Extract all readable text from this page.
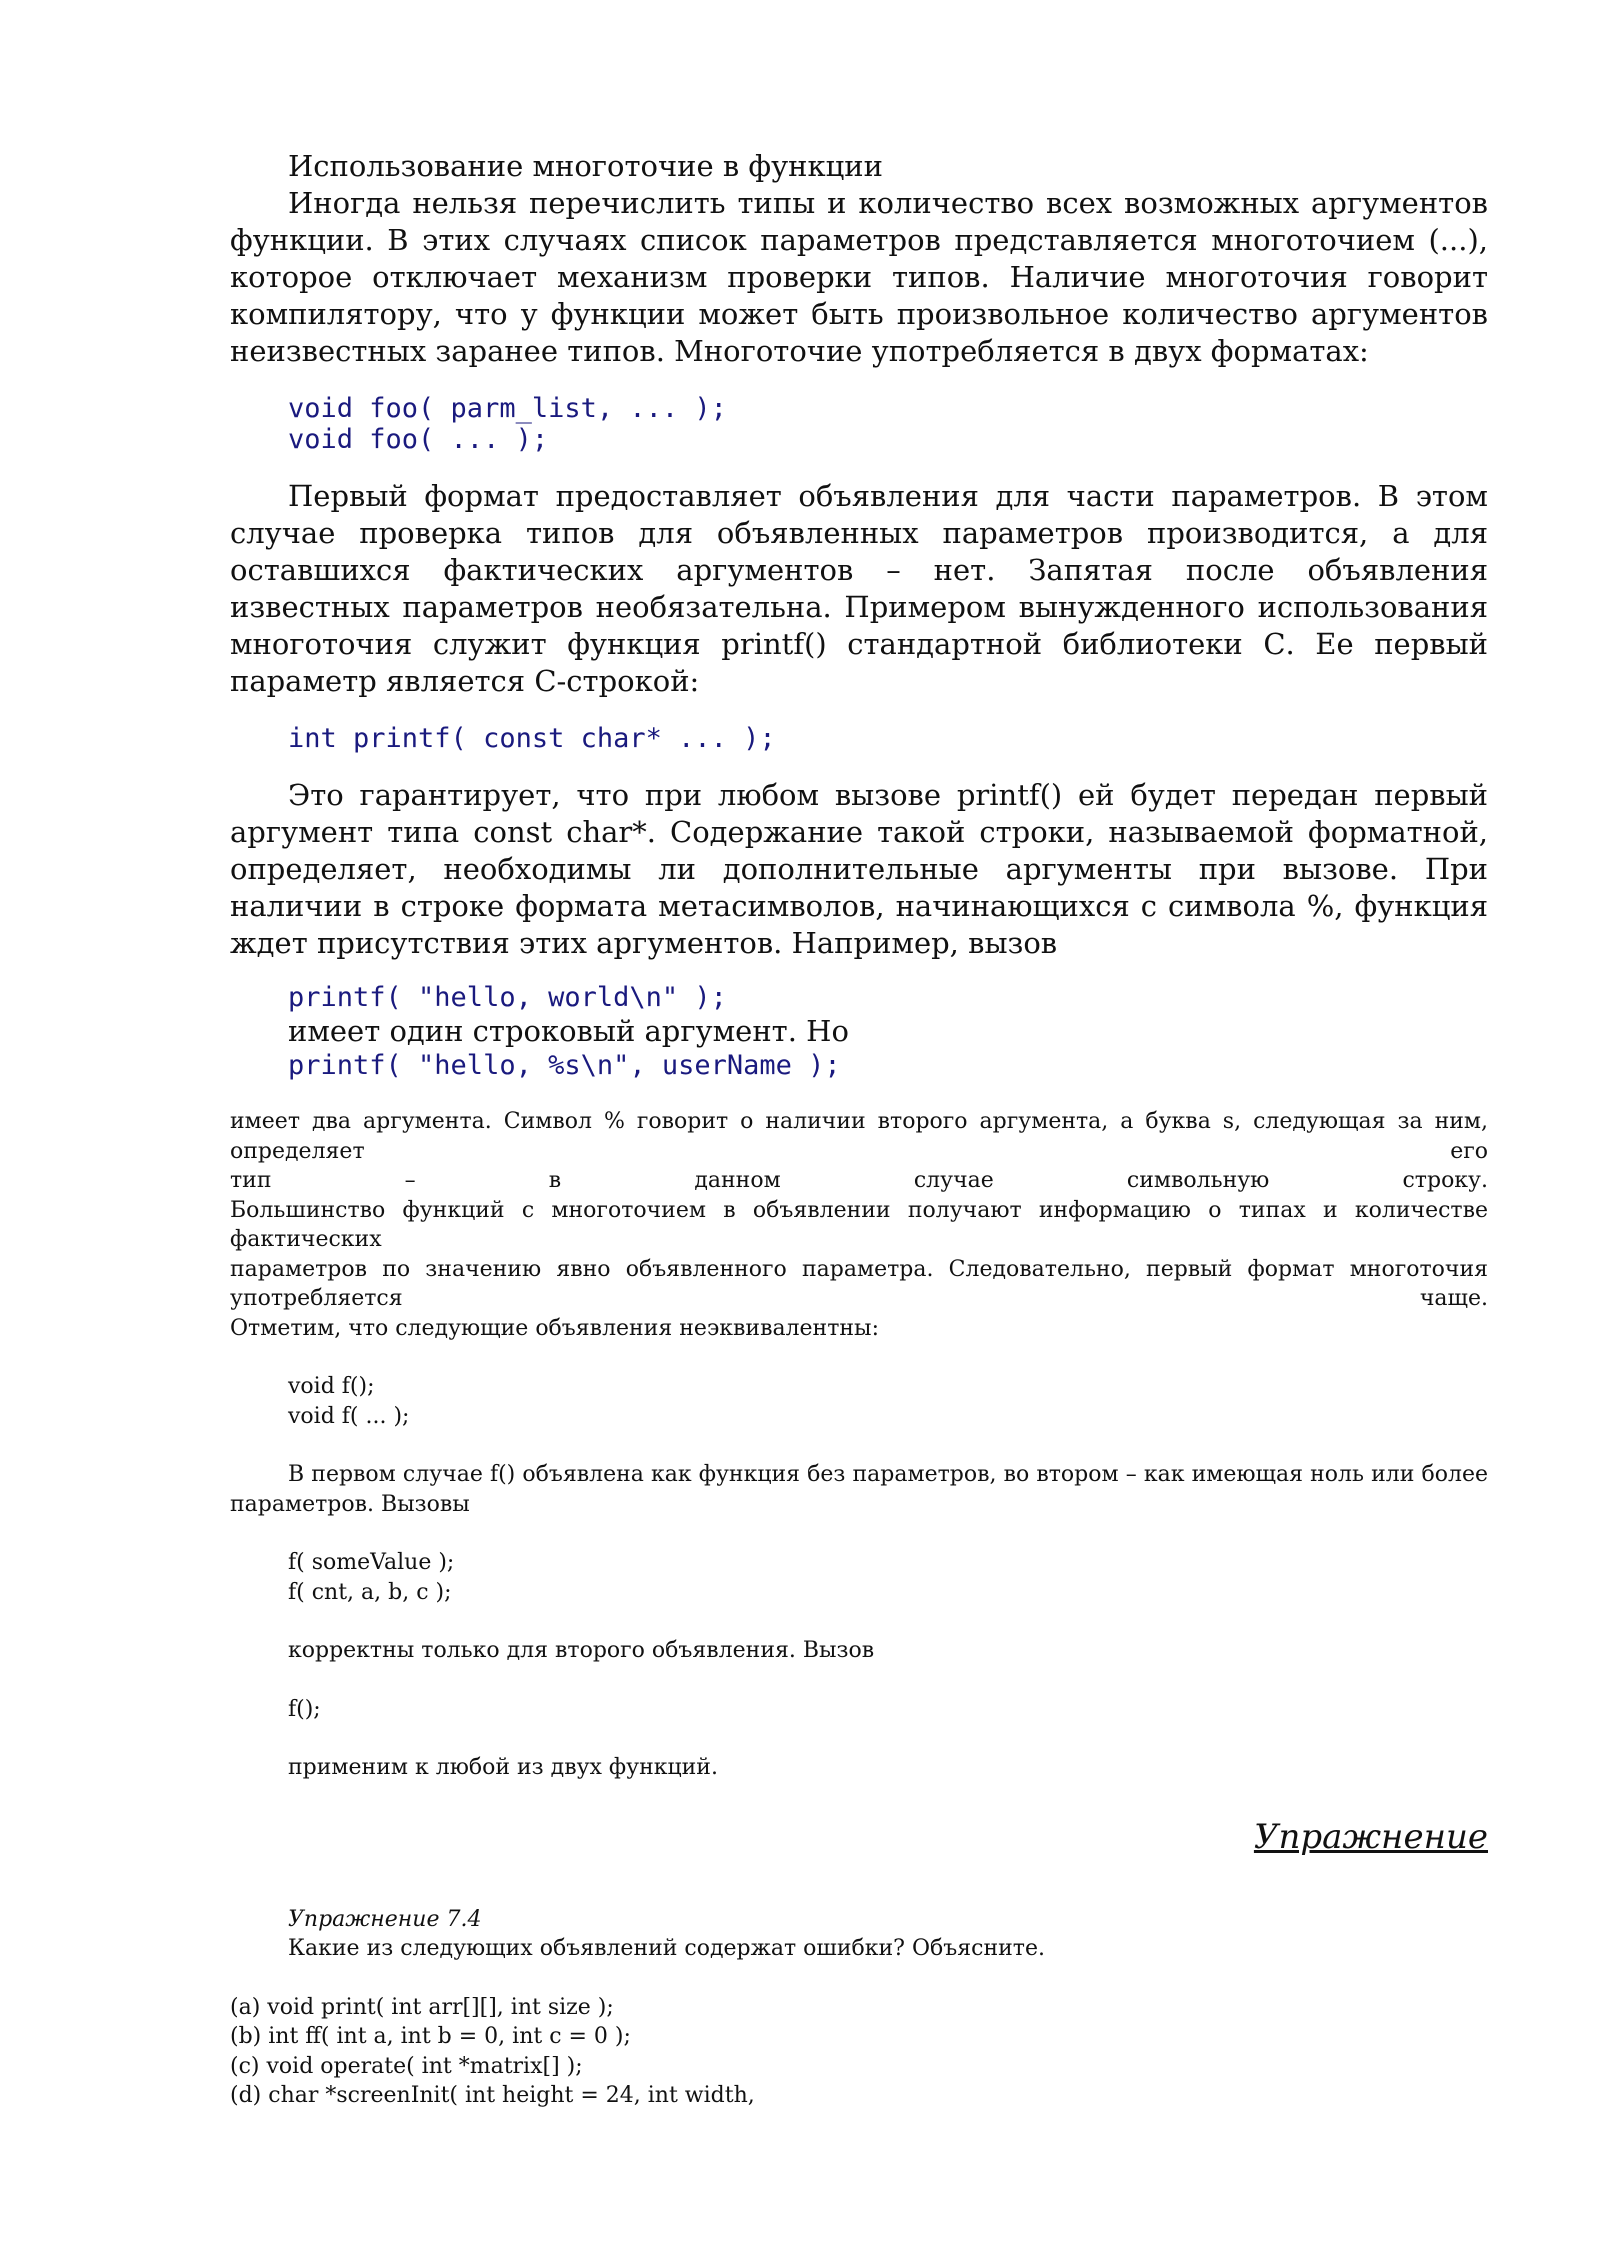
Использование многоточие в функции

Иногда нельзя перечислить типы и количество всех возможных аргументов функции. В этих случаях список параметров представляется многоточием (...), которое отключает механизм проверки типов. Наличие многоточия говорит компилятору, что у функции может быть произвольное количество аргументов неизвестных заранее типов. Многоточие употребляется в двух форматах:

void foo( parm_list, ... );
void foo( ... );

Первый формат предоставляет объявления для части параметров. В этом случае проверка типов для объявленных параметров производится, а для оставшихся фактических аргументов – нет. Запятая после объявления известных параметров необязательна. Примером вынужденного использования многоточия служит функция printf() стандартной библиотеки С. Ее первый параметр является C-строкой:

int printf( const char* ... );

Это гарантирует, что при любом вызове printf() ей будет передан первый аргумент типа const char*. Содержание такой строки, называемой форматной, определяет, необходимы ли дополнительные аргументы при вызове. При наличии в строке формата метасимволов, начинающихся с символа %, функция ждет присутствия этих аргументов. Например, вызов

printf( "hello, world\n" );
имеет один строковый аргумент. Но
printf( "hello, %s\n", userName );
имеет два аргумента. Символ % говорит о наличии второго аргумента, а буква s, следующая за ним, определяет его
тип – в данном случае символьную строку.
Большинство функций с многоточием в объявлении получают информацию о типах и количестве фактических
параметров по значению явно объявленного параметра. Следовательно, первый формат многоточия
употребляется чаще.
Отметим, что следующие объявления неэквивалентны:
void f();
void f( ... );

В первом случае f() объявлена как функция без параметров, во втором – как имеющая ноль или более параметров. Вызовы

f( someValue );
f( cnt, a, b, c );
корректны только для второго объявления. Вызов
f();
применим к любой из двух функций.
Упражнение
Упражнение 7.4
Какие из следующих объявлений содержат ошибки? Объясните.
(a) void print( int arr[][], int size );
(b) int ff( int a, int b = 0, int c = 0 );
(c) void operate( int *matrix[] );
(d) char *screenInit( int height = 24, int width,
